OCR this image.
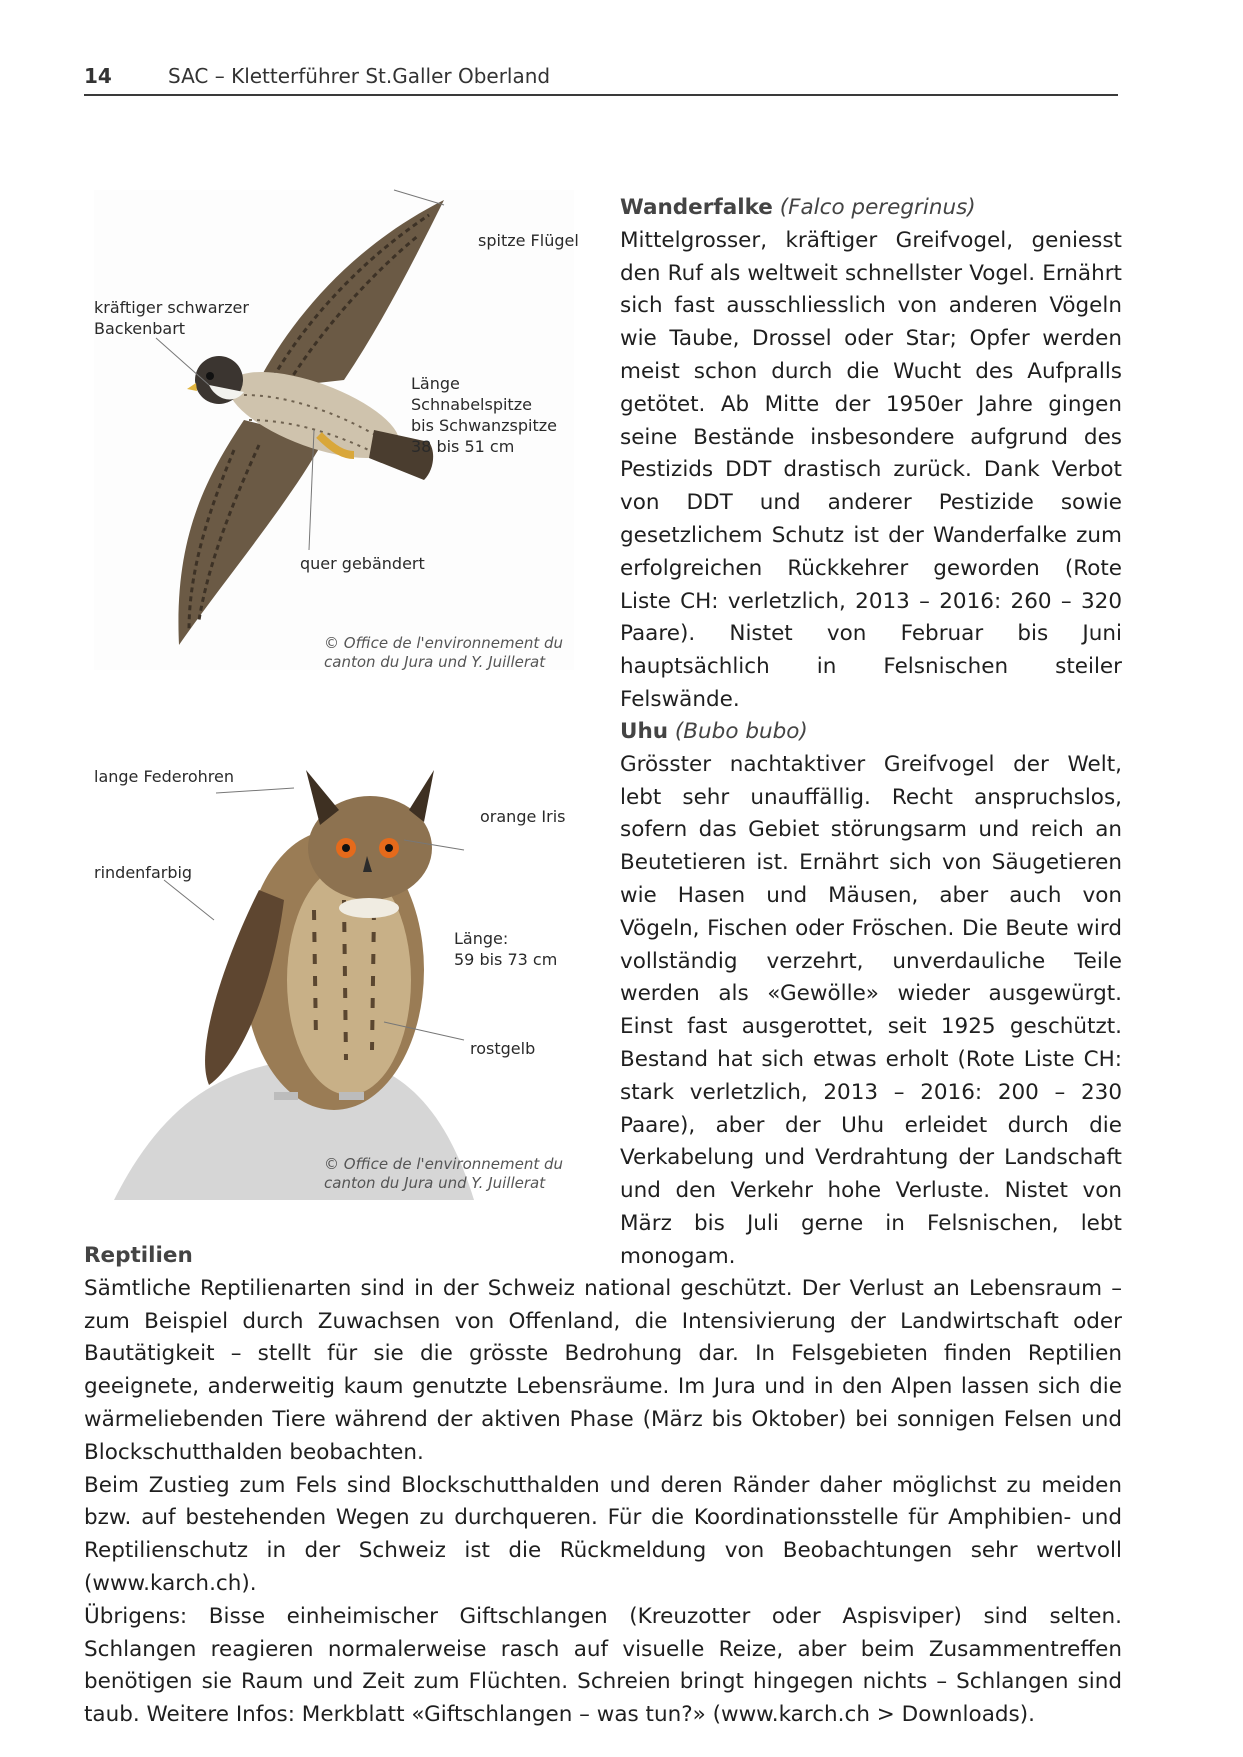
14	SAC – Kletterführer St.Galler Oberland
spitze Flügel
kräftiger schwarzer
Backenbart
Länge Schnabelspitze
bis Schwanzspitze
38 bis 51 cm
quer gebändert
© Office de l'environnement du
canton du Jura und Y. Juillerat
lange Federohren
orange Iris
rindenfarbig
Länge:
59 bis 73 cm
rostgelb
© Office de l'environnement du
canton du Jura und Y. Juillerat

Wanderfalke (Falco peregrinus)

Mittelgrosser, kräftiger Greifvogel, geniesst den Ruf als weltweit schnellster Vogel. Ernährt sich fast ausschliesslich von anderen Vögeln wie Taube, Drossel oder Star; Opfer werden meist schon durch die Wucht des Aufpralls getötet. Ab Mitte der 1950er Jahre gingen seine Bestände insbesondere aufgrund des Pestizids DDT drastisch zurück. Dank Verbot von DDT und anderer Pestizide sowie gesetzlichem Schutz ist der Wanderfalke zum erfolgreichen Rückkehrer geworden (Rote Liste CH: verletzlich, 2013 – 2016: 260 – 320 Paare). Nistet von Februar bis Juni hauptsächlich in Felsnischen steiler Felswände.

Uhu (Bubo bubo)

Grösster nachtaktiver Greifvogel der Welt, lebt sehr unauffällig. Recht anspruchslos, sofern das Gebiet störungsarm und reich an Beutetieren ist. Ernährt sich von Säugetieren wie Hasen und Mäusen, aber auch von Vögeln, Fischen oder Fröschen. Die Beute wird vollständig verzehrt, unverdauliche Teile werden als «Gewölle» wieder ausgewürgt. Einst fast ausgerottet, seit 1925 geschützt. Bestand hat sich etwas erholt (Rote Liste CH: stark verletzlich, 2013 – 2016: 200 – 230 Paare), aber der Uhu erleidet durch die Verkabelung und Verdrahtung der Landschaft und den Verkehr hohe Verluste. Nistet von März bis Juli gerne in Felsnischen, lebt monogam.

Reptilien

Sämtliche Reptilienarten sind in der Schweiz national geschützt. Der Verlust an Lebensraum – zum Beispiel durch Zuwachsen von Offenland, die Intensivierung der Landwirtschaft oder Bautätigkeit – stellt für sie die grösste Bedrohung dar. In Felsgebieten finden Reptilien geeignete, anderweitig kaum genutzte Lebensräume. Im Jura und in den Alpen lassen sich die wärmeliebenden Tiere während der aktiven Phase (März bis Oktober) bei sonnigen Felsen und Blockschutthalden beobachten.

Beim Zustieg zum Fels sind Blockschutthalden und deren Ränder daher möglichst zu meiden bzw. auf bestehenden Wegen zu durchqueren. Für die Koordinationsstelle für Amphibien- und Reptilienschutz in der Schweiz ist die Rückmeldung von Beobachtungen sehr wertvoll (www.karch.ch).

Übrigens: Bisse einheimischer Giftschlangen (Kreuzotter oder Aspisviper) sind selten. Schlangen reagieren normalerweise rasch auf visuelle Reize, aber beim Zusammentreffen benötigen sie Raum und Zeit zum Flüchten. Schreien bringt hingegen nichts – Schlangen sind taub. Weitere Infos: Merkblatt «Giftschlangen – was tun?» (www.karch.ch > Downloads).
